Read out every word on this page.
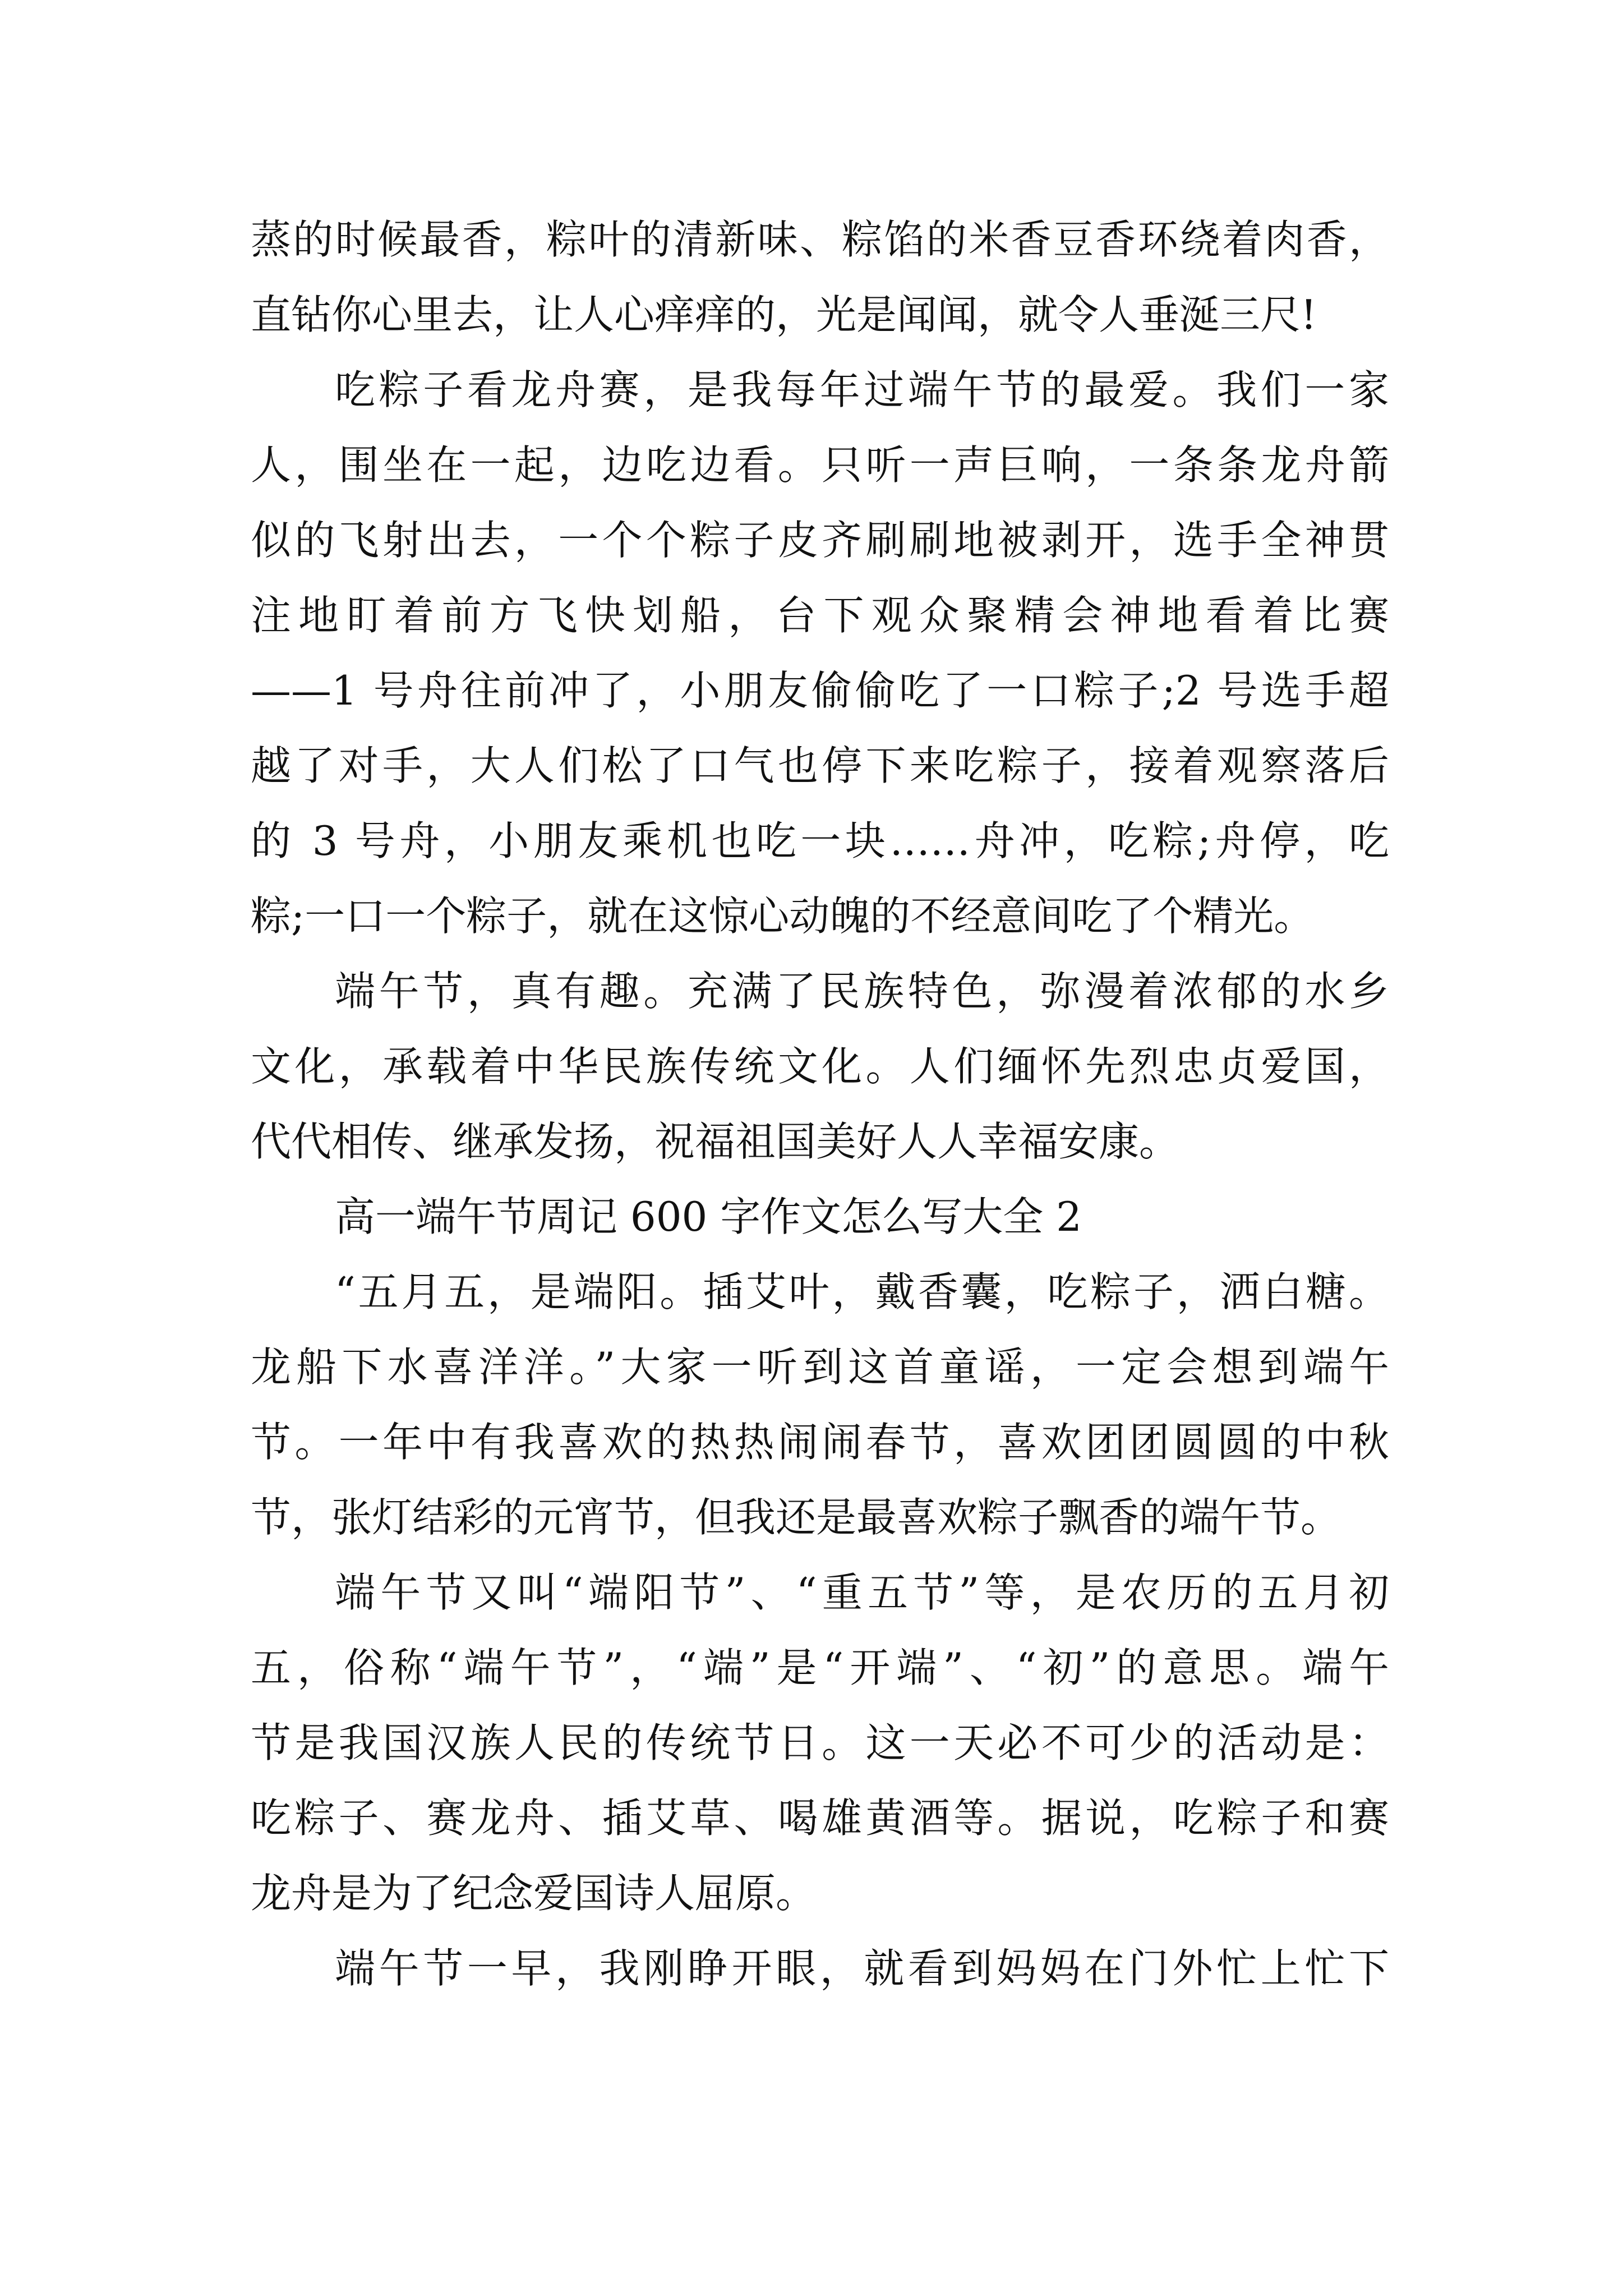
蒸的时候最香，粽叶的清新味、粽馅的米香豆香环绕着肉香，
直钻你心里去，让人心痒痒的，光是闻闻，就令人垂涎三尺!
吃粽子看龙舟赛，是我每年过端午节的最爱。我们一家
人，围坐在一起，边吃边看。只听一声巨响，一条条龙舟箭
似的飞射出去，一个个粽子皮齐刷刷地被剥开，选手全神贯
注地盯着前方飞快划船，台下观众聚精会神地看着比赛
——1 号舟往前冲了，小朋友偷偷吃了一口粽子;2 号选手超
越了对手，大人们松了口气也停下来吃粽子，接着观察落后
的 3 号舟，小朋友乘机也吃一块……舟冲，吃粽;舟停，吃
粽;一口一个粽子，就在这惊心动魄的不经意间吃了个精光。
端午节，真有趣。充满了民族特色，弥漫着浓郁的水乡
文化，承载着中华民族传统文化。人们缅怀先烈忠贞爱国，
代代相传、继承发扬，祝福祖国美好人人幸福安康。
高一端午节周记 600 字作文怎么写大全 2
“五月五，是端阳。插艾叶，戴香囊，吃粽子，洒白糖。
龙船下水喜洋洋。”大家一听到这首童谣，一定会想到端午
节。一年中有我喜欢的热热闹闹春节，喜欢团团圆圆的中秋
节，张灯结彩的元宵节，但我还是最喜欢粽子飘香的端午节。
端午节又叫“端阳节”、“重五节”等，是农历的五月初
五，俗称“端午节”，“端”是“开端”、“初”的意思。端午
节是我国汉族人民的传统节日。这一天必不可少的活动是：
吃粽子、赛龙舟、插艾草、喝雄黄酒等。据说，吃粽子和赛
龙舟是为了纪念爱国诗人屈原。
端午节一早，我刚睁开眼，就看到妈妈在门外忙上忙下
